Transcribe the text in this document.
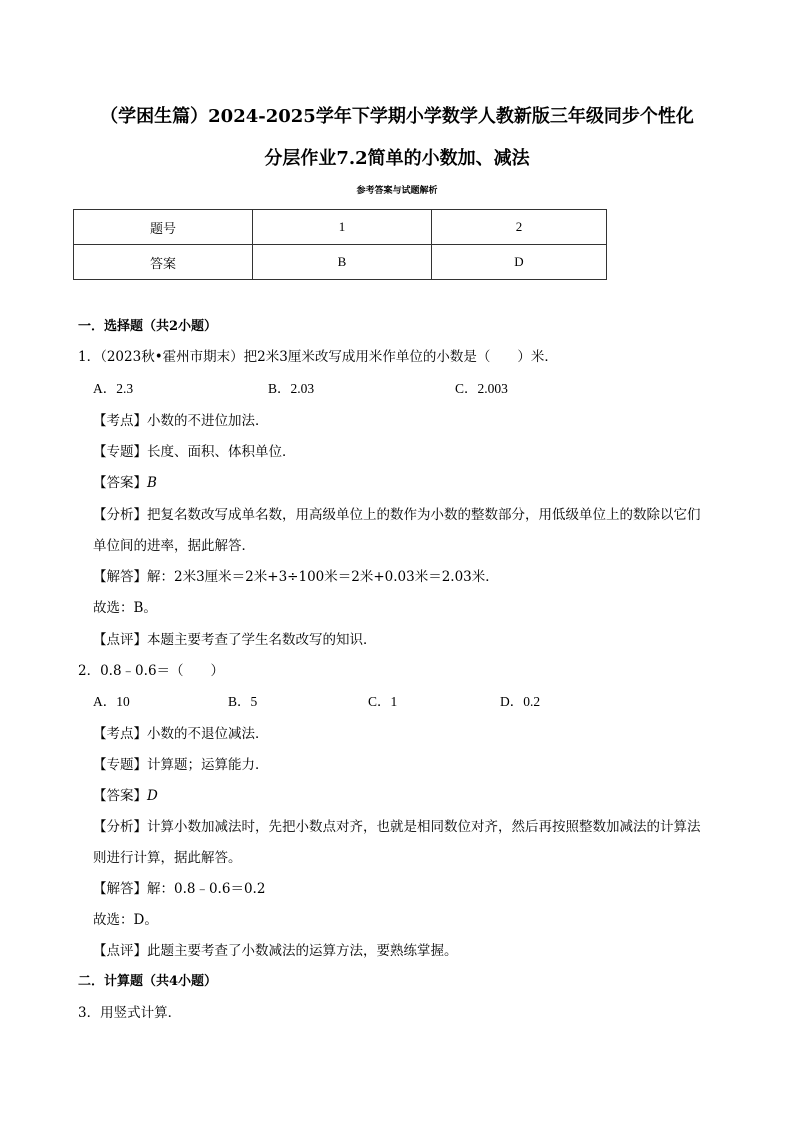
（学困生篇）2024-2025学年下学期小学数学人教新版三年级同步个性化
分层作业7.2简单的小数加、减法
参考答案与试题解析
题号	1	2
答案	B	D
一．选择题（共2小题）
1．（2023秋•霍州市期末）把2米3厘米改写成用米作单位的小数是（　　）米．
A．2.3	B．2.03	C．2.003
【考点】小数的不进位加法．
【专题】长度、面积、体积单位．
【答案】B
【分析】把复名数改写成单名数，用高级单位上的数作为小数的整数部分，用低级单位上的数除以它们
单位间的进率，据此解答．
【解答】解：2米3厘米＝2米+3÷100米＝2米+0.03米＝2.03米．
故选：B。
【点评】本题主要考查了学生名数改写的知识．
2．0.8﹣0.6＝（　　）
A．10	B．5	C．1	D．0.2
【考点】小数的不退位减法．
【专题】计算题；运算能力．
【答案】D
【分析】计算小数加减法时，先把小数点对齐，也就是相同数位对齐，然后再按照整数加减法的计算法
则进行计算，据此解答。
【解答】解：0.8﹣0.6＝0.2
故选：D。
【点评】此题主要考查了小数减法的运算方法，要熟练掌握。
二．计算题（共4小题）
3．用竖式计算．
